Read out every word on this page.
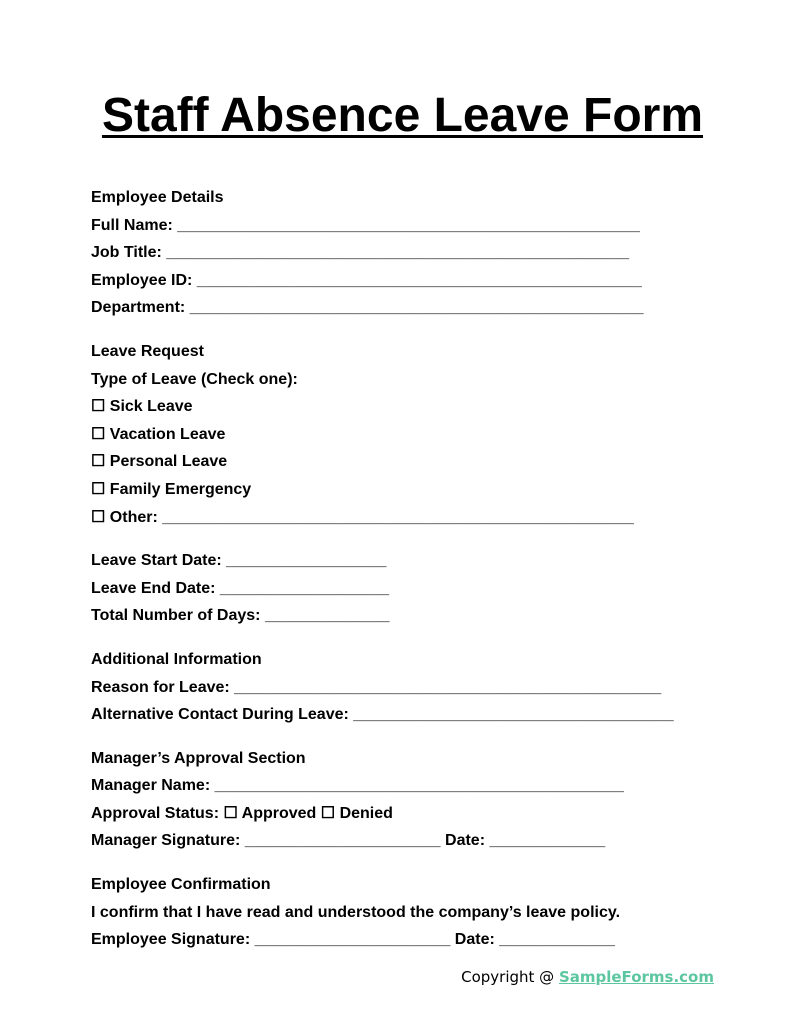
Staff Absence Leave Form
Employee Details
Full Name: ____________________________________________________
Job Title: ____________________________________________________
Employee ID: __________________________________________________
Department: ___________________________________________________
Leave Request
Type of Leave (Check one):
☐ Sick Leave
☐ Vacation Leave
☐ Personal Leave
☐ Family Emergency
☐ Other: _____________________________________________________
Leave Start Date: __________________
Leave End Date: ___________________
Total Number of Days: ______________
Additional Information
Reason for Leave: ________________________________________________
Alternative Contact During Leave: ____________________________________
Manager’s Approval Section
Manager Name: ______________________________________________
Approval Status: ☐ Approved ☐ Denied
Manager Signature: ______________________ Date: _____________
Employee Confirmation
I confirm that I have read and understood the company’s leave policy.
Employee Signature: ______________________ Date: _____________
Copyright @ SampleForms.com
